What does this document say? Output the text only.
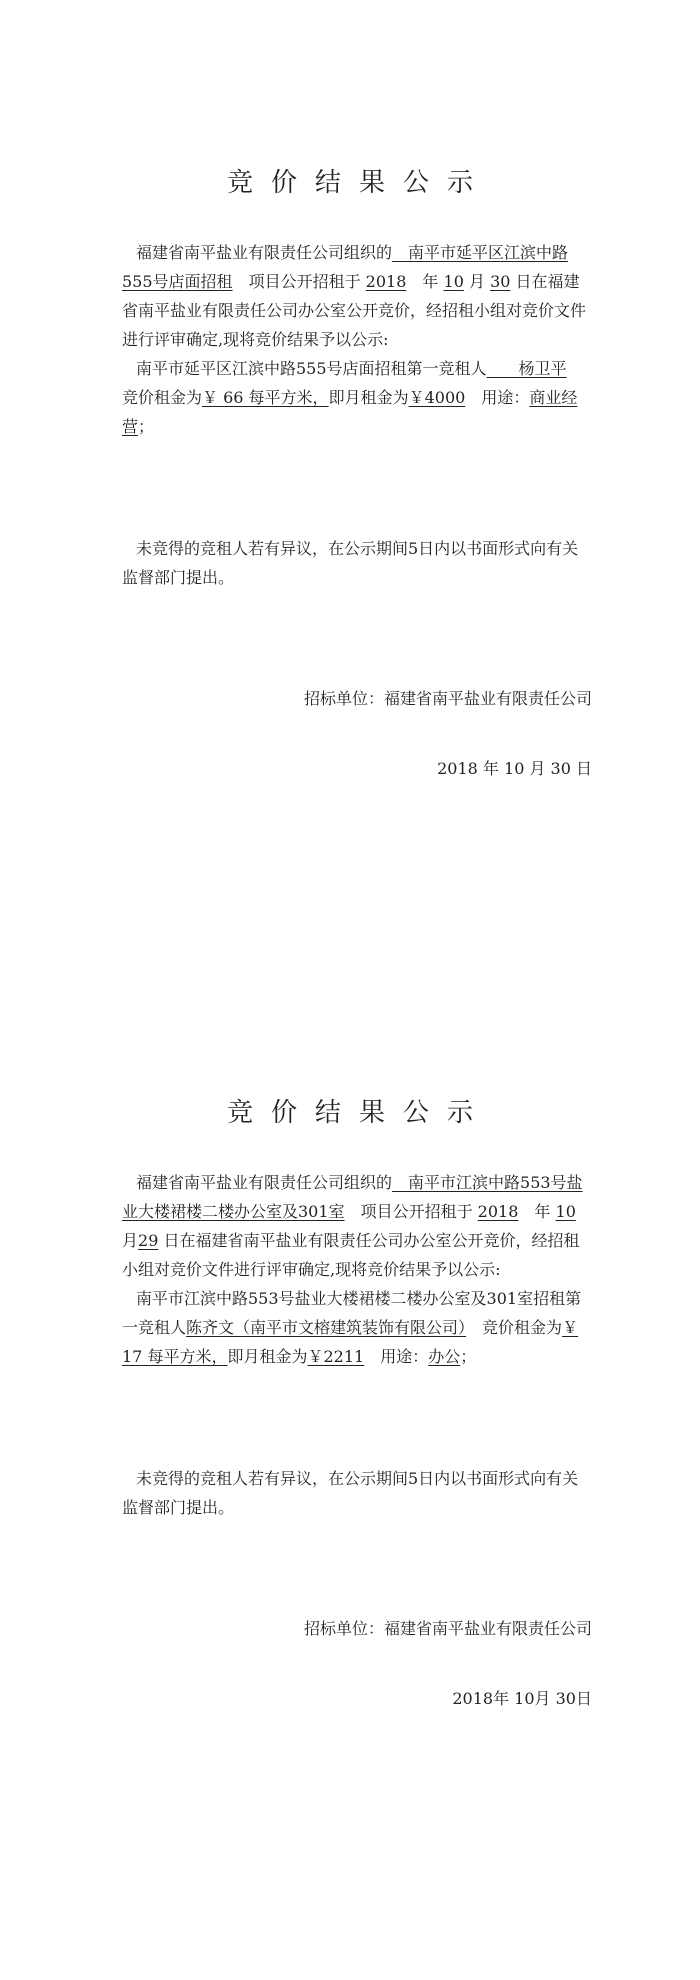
竞价结果公示

福建省南平盐业有限责任公司组织的　南平市延平区江滨中路555号店面招租　 项目公开招租于 2018　 年 10 月 30 日在福建省南平盐业有限责任公司办公室公开竞价，经招租小组对竞价文件进行评审确定,现将竞价结果予以公示:

南平市延平区江滨中路555号店面招租第一竞租人　　杨卫平
竞价租金为￥ 66 每平方米，即月租金为￥4000　 用途：商业经营；

未竞得的竞租人若有异议，在公示期间5日内以书面形式向有关监督部门提出。

招标单位：福建省南平盐业有限责任公司

2018 年 10 月 30 日

竞价结果公示

福建省南平盐业有限责任公司组织的　南平市江滨中路553号盐业大楼裙楼二楼办公室及301室　 项目公开招租于 2018　 年 10
月29 日在福建省南平盐业有限责任公司办公室公开竞价，经招租小组对竞价文件进行评审确定,现将竞价结果予以公示:

南平市江滨中路553号盐业大楼裙楼二楼办公室及301室招租第一竞租人陈齐文（南平市文榕建筑装饰有限公司）　 竞价租金为￥ 17 每平方米，即月租金为￥2211　 用途：办公；

未竞得的竞租人若有异议，在公示期间5日内以书面形式向有关监督部门提出。

招标单位：福建省南平盐业有限责任公司

2018年 10月 30日
